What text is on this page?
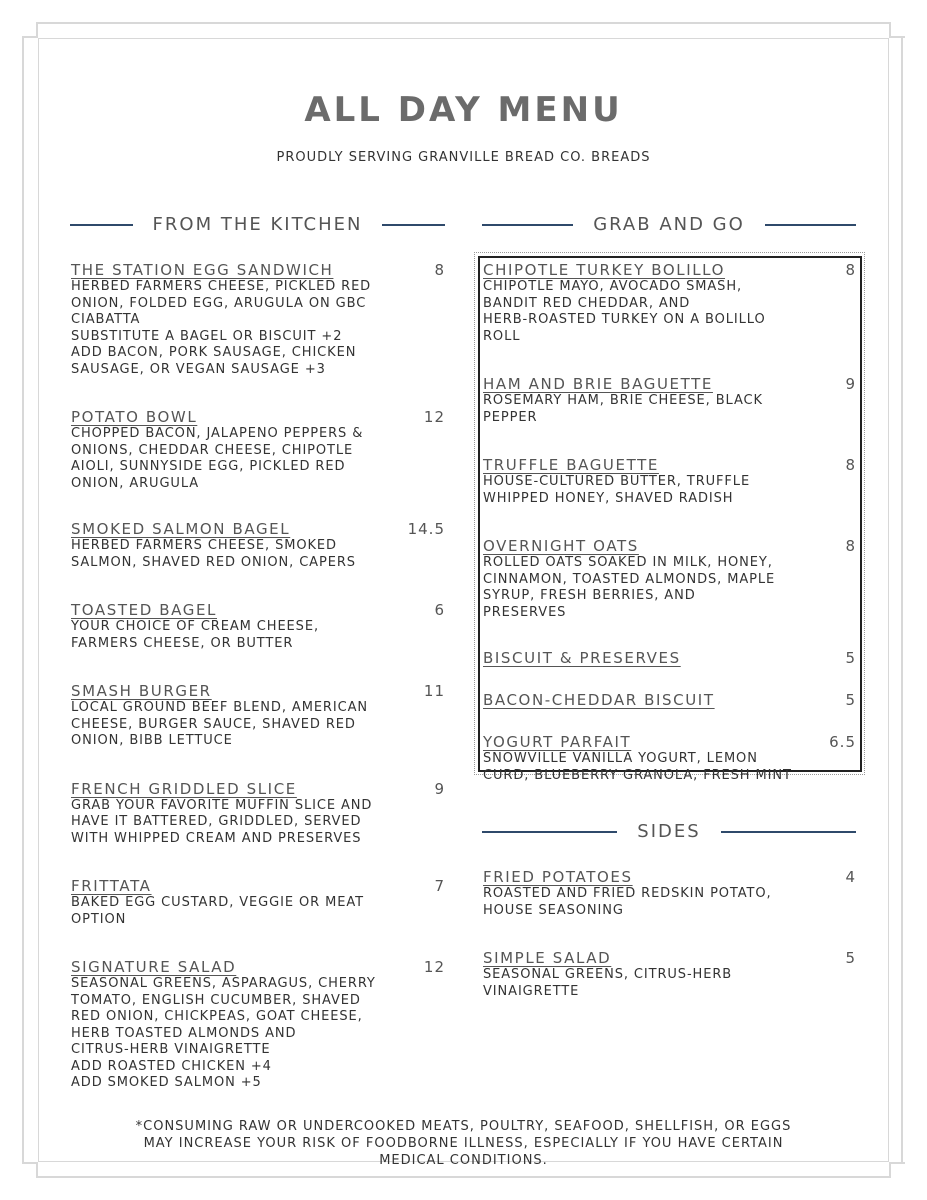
ALL DAY MENU
PROUDLY SERVING GRANVILLE BREAD CO. BREADS
FROM THE KITCHEN	GRAB AND GO
THE STATION EGG SANDWICH	8
HERBED FARMERS CHEESE, PICKLED RED
ONION, FOLDED EGG, ARUGULA ON GBC
CIABATTA
SUBSTITUTE A BAGEL OR BISCUIT +2
ADD BACON, PORK SAUSAGE, CHICKEN
SAUSAGE, OR VEGAN SAUSAGE +3
POTATO BOWL	12
CHOPPED BACON, JALAPENO PEPPERS &
ONIONS, CHEDDAR CHEESE, CHIPOTLE
AIOLI, SUNNYSIDE EGG, PICKLED RED
ONION, ARUGULA
SMOKED SALMON BAGEL	14.5
HERBED FARMERS CHEESE, SMOKED
SALMON, SHAVED RED ONION, CAPERS
TOASTED BAGEL	6
YOUR CHOICE OF CREAM CHEESE,
FARMERS CHEESE, OR BUTTER
SMASH BURGER	11
LOCAL GROUND BEEF BLEND, AMERICAN
CHEESE, BURGER SAUCE, SHAVED RED
ONION, BIBB LETTUCE
FRENCH GRIDDLED SLICE	9
GRAB YOUR FAVORITE MUFFIN SLICE AND
HAVE IT BATTERED, GRIDDLED, SERVED
WITH WHIPPED CREAM AND PRESERVES
FRITTATA	7
BAKED EGG CUSTARD, VEGGIE OR MEAT
OPTION
SIGNATURE SALAD	12
SEASONAL GREENS, ASPARAGUS, CHERRY
TOMATO, ENGLISH CUCUMBER, SHAVED
RED ONION, CHICKPEAS, GOAT CHEESE,
HERB TOASTED ALMONDS AND
CITRUS-HERB VINAIGRETTE
ADD ROASTED CHICKEN +4
ADD SMOKED SALMON +5
CHIPOTLE TURKEY BOLILLO	8
CHIPOTLE MAYO, AVOCADO SMASH,
BANDIT RED CHEDDAR, AND
HERB-ROASTED TURKEY ON A BOLILLO
ROLL
HAM AND BRIE BAGUETTE	9
ROSEMARY HAM, BRIE CHEESE, BLACK
PEPPER
TRUFFLE BAGUETTE	8
HOUSE-CULTURED BUTTER, TRUFFLE
WHIPPED HONEY, SHAVED RADISH
OVERNIGHT OATS	8
ROLLED OATS SOAKED IN MILK, HONEY,
CINNAMON, TOASTED ALMONDS, MAPLE
SYRUP, FRESH BERRIES, AND
PRESERVES
BISCUIT & PRESERVES	5
BACON-CHEDDAR BISCUIT	5
YOGURT PARFAIT	6.5
SNOWVILLE VANILLA YOGURT, LEMON
CURD, BLUEBERRY GRANOLA, FRESH MINT
SIDES
FRIED POTATOES	4
ROASTED AND FRIED REDSKIN POTATO,
HOUSE SEASONING
SIMPLE SALAD	5
SEASONAL GREENS, CITRUS-HERB
VINAIGRETTE
*CONSUMING RAW OR UNDERCOOKED MEATS, POULTRY, SEAFOOD, SHELLFISH, OR EGGS
MAY INCREASE YOUR RISK OF FOODBORNE ILLNESS, ESPECIALLY IF YOU HAVE CERTAIN
MEDICAL CONDITIONS.
